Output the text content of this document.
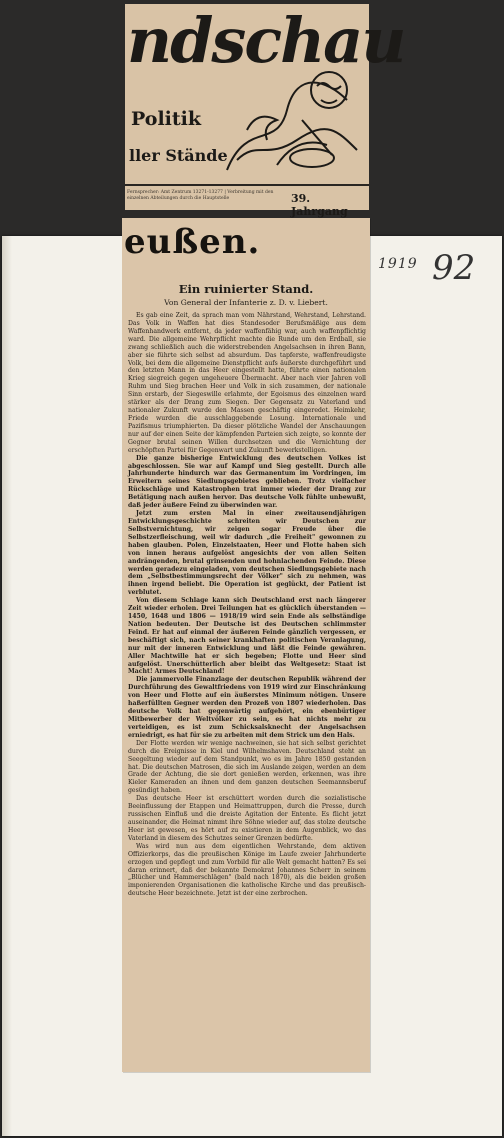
1919 92
ndschau
Politik
ller Stände
Fernsprecher: Amt Zentrum 13271-13277 | Verbreitung mit den einzelnen Abteilungen durch die Hauptstelle	39. Jahrgang
eußen.
Ein ruinierter Stand.
Von General der Infanterie z. D. v. Liebert.

Es gab eine Zeit, da sprach man vom Nährstand, Wehrstand, Lehrstand. Das Volk in Waffen hat dies Standesoder Berufsmäßige aus dem Waffenhandwerk entfernt, da jeder waffenfähig war, auch waffenpflichtig ward. Die allgemeine Wehrpflicht machte die Runde um den Erdball, sie zwang schließlich auch die widerstrebenden Angelsachsen in ihren Bann, aber sie führte sich selbst ad absurdum. Das tapferste, waffenfreudigste Volk, bei dem die allgemeine Dienstpflicht aufs äußerste durchgeführt und den letzten Mann in das Heer eingestellt hatte, führte einen nationalen Krieg siegreich gegen ungeheuere Übermacht. Aber nach vier Jahren voll Ruhm und Sieg brachen Heer und Volk in sich zusammen, der nationale Sinn erstarb, der Siegeswille erlahmte, der Egoismus des einzelnen ward stärker als der Drang zum Siegen. Der Gegensatz zu Vaterland und nationaler Zukunft wurde den Massen geschäftig eingeredet. Heimkehr, Friede wurden die ausschlaggebende Losung. Internationale und Pazifismus triumphierten. Da dieser plötzliche Wandel der Anschauungen nur auf der einen Seite der kämpfenden Parteien sich zeigte, so konnte der Gegner brutal seinen Willen durchsetzen und die Vernichtung der erschöpften Partei für Gegenwart und Zukunft bewerkstelligen.

Die ganze bisherige Entwicklung des deutschen Volkes ist abgeschlossen. Sie war auf Kampf und Sieg gestellt. Durch alle Jahrhunderte hindurch war das Germanentum im Vordringen, im Erweitern seines Siedlungsgebietes geblieben. Trotz vielfacher Rückschläge und Katastrophen trat immer wieder der Drang zur Betätigung nach außen hervor. Das deutsche Volk fühlte unbewußt, daß jeder äußere Feind zu überwinden war.

Jetzt zum ersten Mal in einer zweitausendjährigen Entwicklungsgeschichte schreiten wir Deutschen zur Selbstvernichtung, wir zeigen sogar Freude über die Selbstzerfleischung, weil wir dadurch „die Freiheit" gewonnen zu haben glauben. Polen, Einzelstaaten, Heer und Flotte haben sich von innen heraus aufgelöst angesichts der von allen Seiten andrängenden, brutal grinsenden und hohnlachenden Feinde. Diese werden geradezu eingeladen, vom deutschen Siedlungsgebiete nach dem „Selbstbestimmungsrecht der Völker" sich zu nehmen, was ihnen irgend beliebt. Die Operation ist geglückt, der Patient ist verblutet.

Von diesem Schlage kann sich Deutschland erst nach längerer Zeit wieder erholen. Drei Teilungen hat es glücklich überstanden — 1450, 1648 und 1806 — 1918/19 wird sein Ende als selbständige Nation bedeuten. Der Deutsche ist des Deutschen schlimmster Feind. Er hat auf einmal der äußeren Feinde gänzlich vergessen, er beschäftigt sich, nach seiner krankhaften politischen Veranlagung, nur mit der inneren Entwicklung und läßt die Feinde gewähren. Aller Machtwille hat er sich begeben; Flotte und Heer sind aufgelöst. Unerschütterlich aber bleibt das Weltgesetz: Staat ist Macht! Armes Deutschland!

Die jammervolle Finanzlage der deutschen Republik während der Durchführung des Gewaltfriedens von 1919 wird zur Einschränkung von Heer und Flotte auf ein äußerstes Minimum nötigen. Unsere haßerfüllten Gegner werden den Prozeß von 1807 wiederholen. Das deutsche Volk hat gegenwärtig aufgehört, ein ebenbürtiger Mitbewerber der Weltvölker zu sein, es hat nichts mehr zu verteidigen, es ist zum Schicksalsknecht der Angelsachsen erniedrigt, es hat für sie zu arbeiten mit dem Strick um den Hals.

Der Flotte werden wir wenige nachweinen, sie hat sich selbst gerichtet durch die Ereignisse in Kiel und Wilhelmshaven. Deutschland steht an Seegeltung wieder auf dem Standpunkt, wo es im Jahre 1850 gestanden hat. Die deutschen Matrosen, die sich im Auslande zeigen, werden an dem Grade der Achtung, die sie dort genießen werden, erkennen, was ihre Kieler Kameraden an ihnen und dem ganzen deutschen Seemannsberuf gesündigt haben.

Das deutsche Heer ist erschüttert worden durch die sozialistische Beeinflussung der Etappen und Heimattruppen, durch die Presse, durch russischen Einfluß und die dreiste Agitation der Entente. Es flicht jetzt auseinander, die Heimat nimmt ihre Söhne wieder auf, das stolze deutsche Heer ist gewesen, es hört auf zu existieren in dem Augenblick, wo das Vaterland in diesem des Schutzes seiner Grenzen bedürfte.

Was wird nun aus dem eigentlichen Wehrstande, dem aktiven Offizierkorps, das die preußischen Könige im Laufe zweier Jahrhunderte erzogen und gepflegt und zum Vorbild für alle Welt gemacht hatten? Es sei daran erinnert, daß der bekannte Demokrat Johannes Scherr in seinem „Blücher und Hammerschlägen" (bald nach 1870), als die beiden großen imponierenden Organisationen die katholische Kirche und das preußisch-deutsche Heer bezeichnete. Jetzt ist der eine zerbrochen.
